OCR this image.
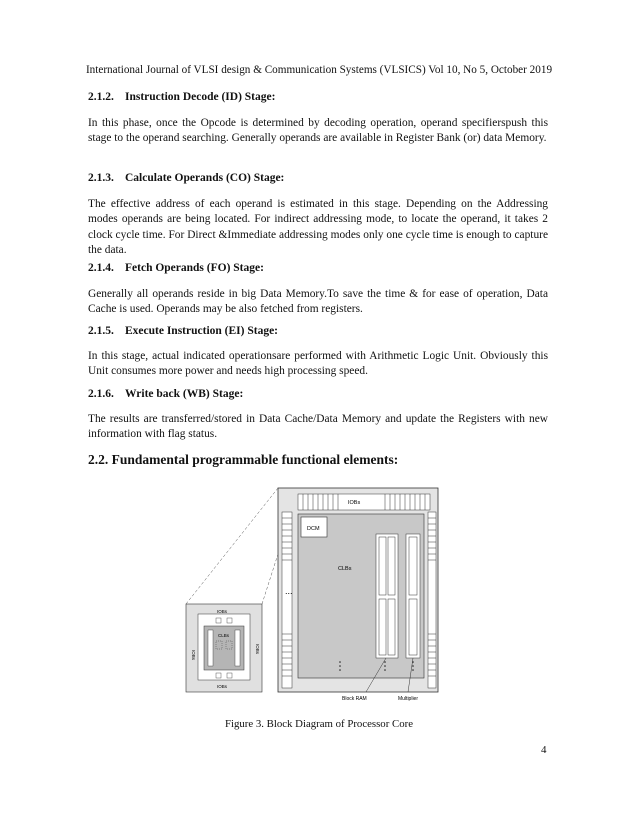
International Journal of VLSI design & Communication Systems (VLSICS) Vol 10, No 5, October 2019
2.1.2. Instruction Decode (ID) Stage:
In this phase, once the Opcode is determined by decoding operation, operand specifierspush this stage to the operand searching. Generally operands are available in Register Bank (or) data Memory.
2.1.3. Calculate Operands (CO) Stage:
The effective address of each operand is estimated in this stage. Depending on the Addressing modes operands are being located. For indirect addressing mode, to locate the operand, it takes 2 clock cycle time. For Direct &Immediate addressing modes only one cycle time is enough to capture the data.
2.1.4. Fetch Operands (FO) Stage:
Generally all operands reside in big Data Memory.To save the time & for ease of operation, Data Cache is used. Operands may be also fetched from registers.
2.1.5. Execute Instruction (EI) Stage:
In this stage, actual indicated operationsare performed with Arithmetic Logic Unit. Obviously this Unit consumes more power and needs high processing speed.
2.1.6. Write back (WB) Stage:
The results are transferred/stored in Data Cache/Data Memory and update the Registers with new information with flag status.
2.2. Fundamental programmable functional elements:
IOBs
DCM
CLBs
...
Block RAM	Multiplier
IOBs
IOBs
CLBs
IOBs
IOBs
Figure 3. Block Diagram of Processor Core
4
